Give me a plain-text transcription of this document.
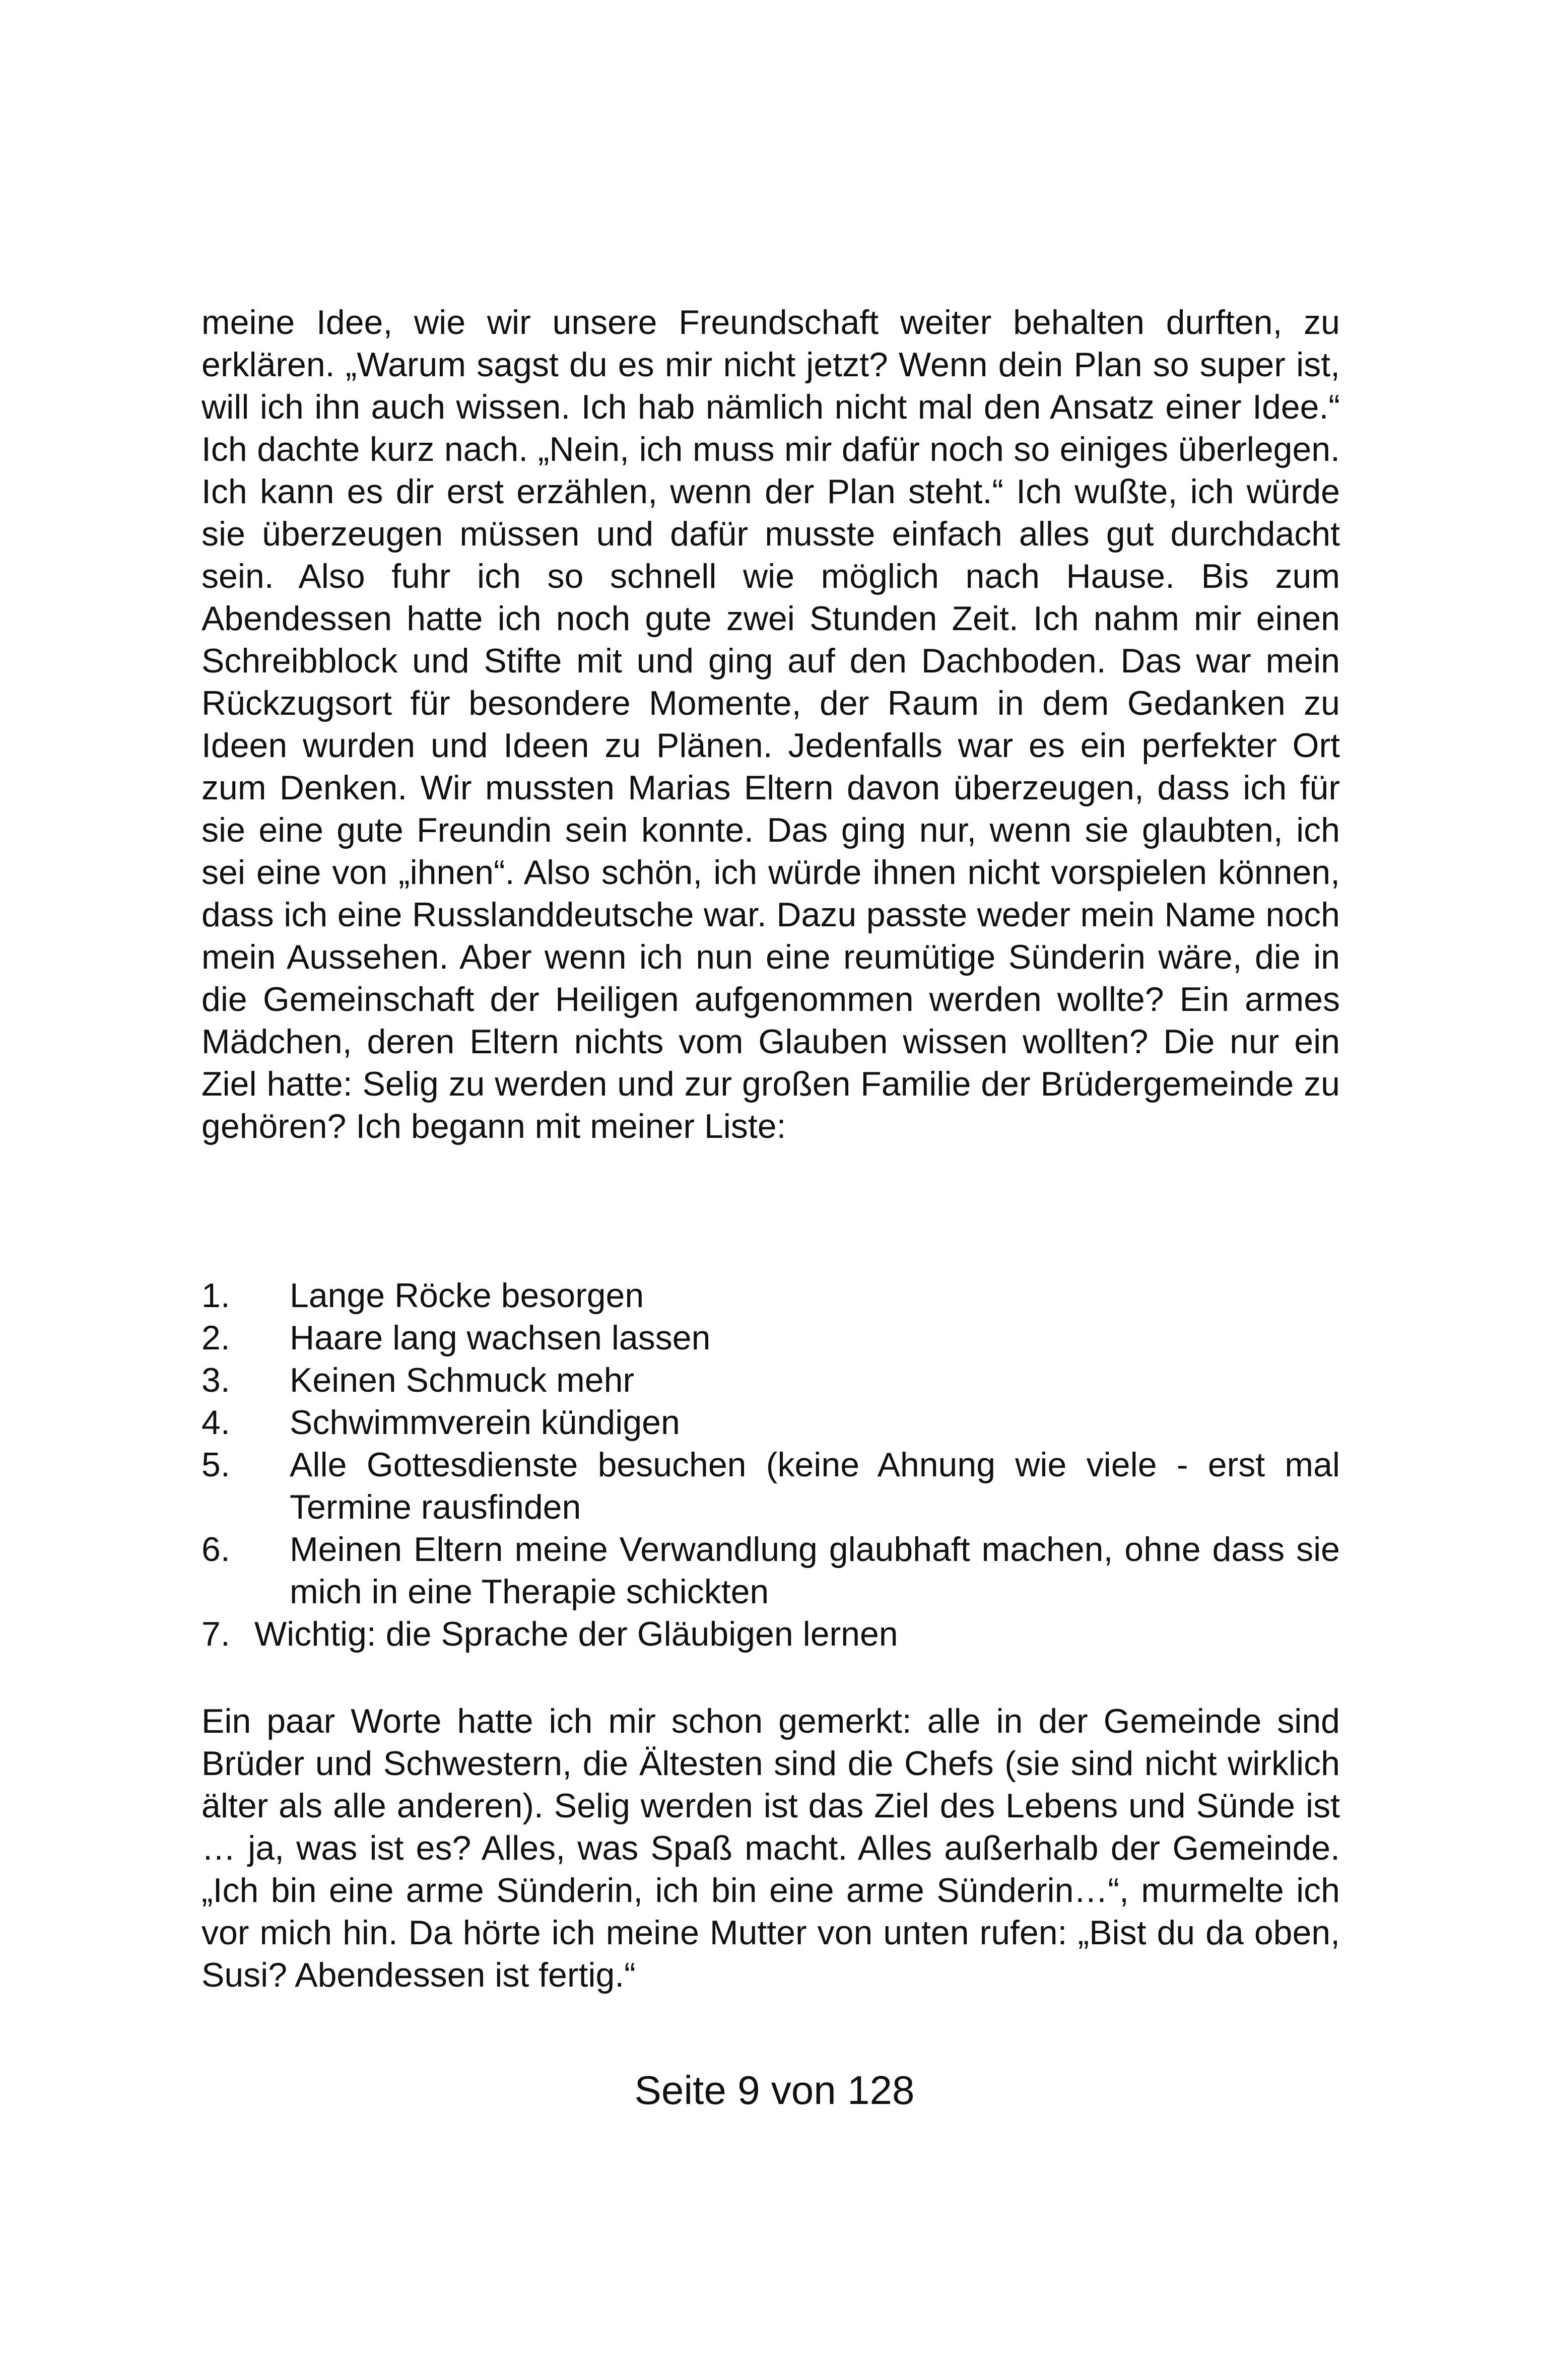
meine Idee, wie wir unsere Freundschaft weiter behalten durften, zu erklären. „Warum sagst du es mir nicht jetzt? Wenn dein Plan so super ist, will ich ihn auch wissen. Ich hab nämlich nicht mal den Ansatz einer Idee.“ Ich dachte kurz nach. „Nein, ich muss mir dafür noch so einiges überlegen. Ich kann es dir erst erzählen, wenn der Plan steht.“ Ich wußte, ich würde sie überzeugen müssen und dafür musste einfach alles gut durchdacht sein. Also fuhr ich so schnell wie möglich nach Hause. Bis zum Abendessen hatte ich noch gute zwei Stunden Zeit. Ich nahm mir einen Schreibblock und Stifte mit und ging auf den Dachboden. Das war mein Rückzugsort für besondere Momente, der Raum in dem Gedanken zu Ideen wurden und Ideen zu Plänen. Jedenfalls war es ein perfekter Ort zum Denken. Wir mussten Marias Eltern davon überzeugen, dass ich für sie eine gute Freundin sein konnte. Das ging nur, wenn sie glaubten, ich sei eine von „ihnen“. Also schön, ich würde ihnen nicht vorspielen können, dass ich eine Russlanddeutsche war. Dazu passte weder mein Name noch mein Aussehen. Aber wenn ich nun eine reumütige Sünderin wäre, die in die Gemeinschaft der Heiligen aufgenommen werden wollte? Ein armes Mädchen, deren Eltern nichts vom Glauben wissen wollten? Die nur ein Ziel hatte: Selig zu werden und zur großen Familie der Brüdergemeinde zu gehören? Ich begann mit meiner Liste:

1.	Lange Röcke besorgen
2.	Haare lang wachsen lassen
3.	Keinen Schmuck mehr
4.	Schwimmverein kündigen
5.	Alle Gottesdienste besuchen (keine Ahnung wie viele - erst mal Termine rausfinden
6.	Meinen Eltern meine Verwandlung glaubhaft machen, ohne dass sie mich in eine Therapie schickten
7. Wichtig: die Sprache der Gläubigen lernen

Ein paar Worte hatte ich mir schon gemerkt: alle in der Gemeinde sind Brüder und Schwestern, die Ältesten sind die Chefs (sie sind nicht wirklich älter als alle anderen). Selig werden ist das Ziel des Lebens und Sünde ist … ja, was ist es? Alles, was Spaß macht. Alles außerhalb der Gemeinde. „Ich bin eine arme Sünderin, ich bin eine arme Sünderin…“, murmelte ich vor mich hin. Da hörte ich meine Mutter von unten rufen: „Bist du da oben, Susi? Abendessen ist fertig.“

Seite 9 von 128
